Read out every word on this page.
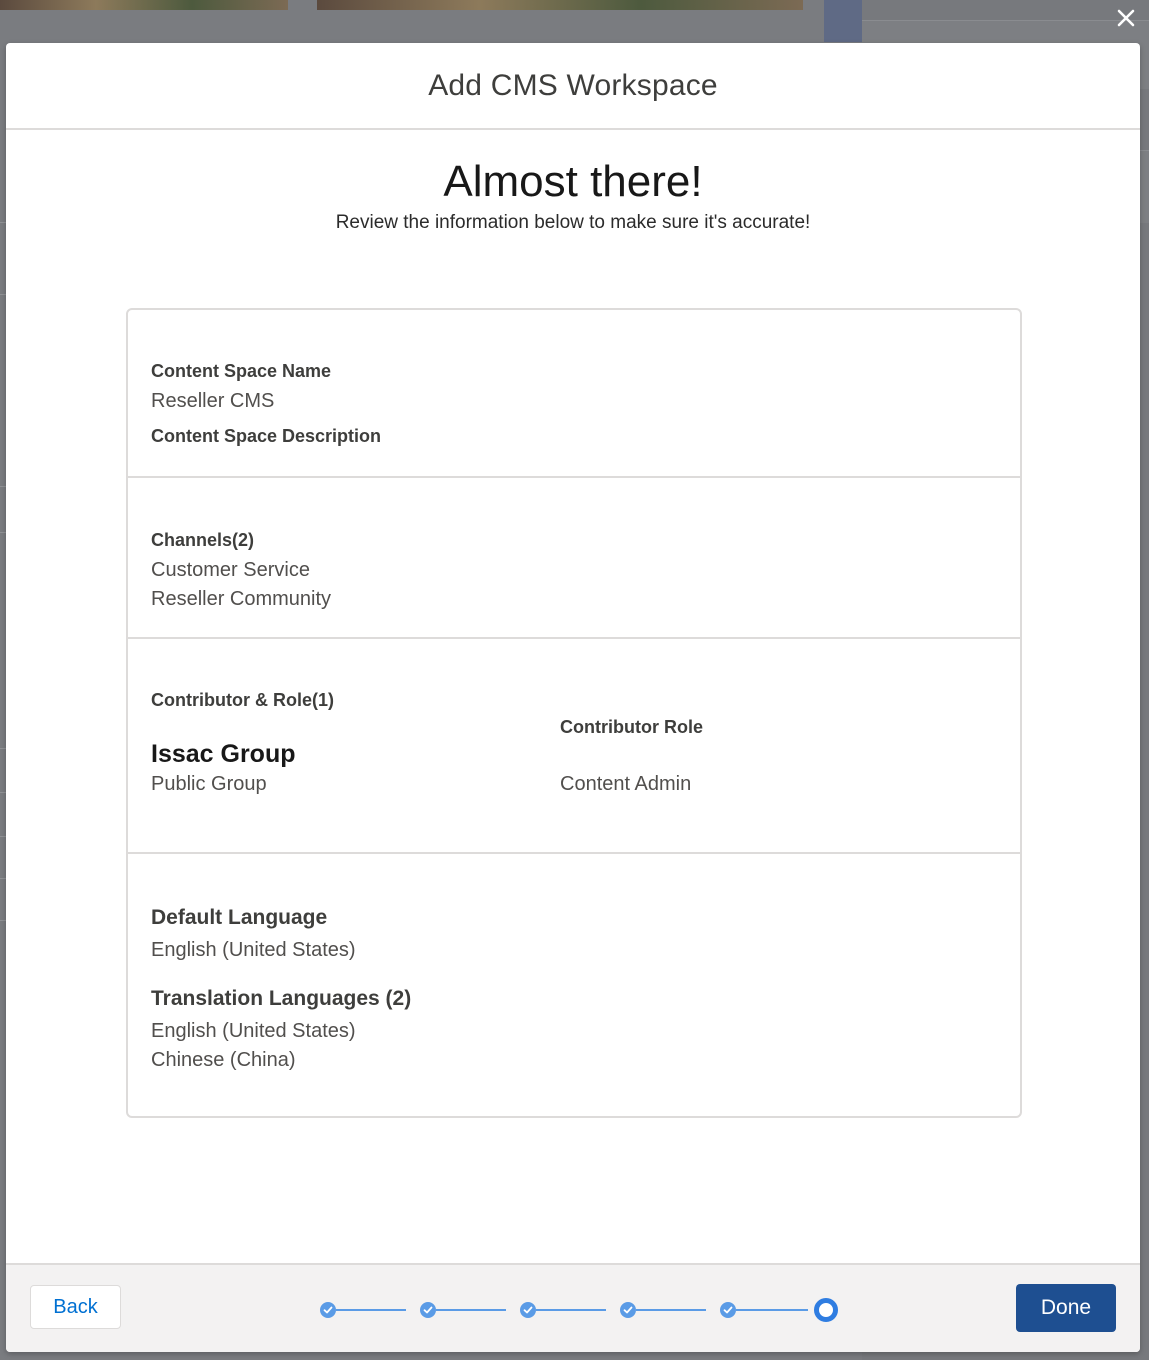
Add CMS Workspace
Almost there!
Review the information below to make sure it's accurate!
Content Space Name
Reseller CMS
Content Space Description
Channels(2)
Customer Service
Reseller Community
Contributor & Role(1)
Contributor Role
Issac Group
Public Group	Content Admin
Default Language
English (United States)
Translation Languages (2)
English (United States)
Chinese (China)
Back	Done
